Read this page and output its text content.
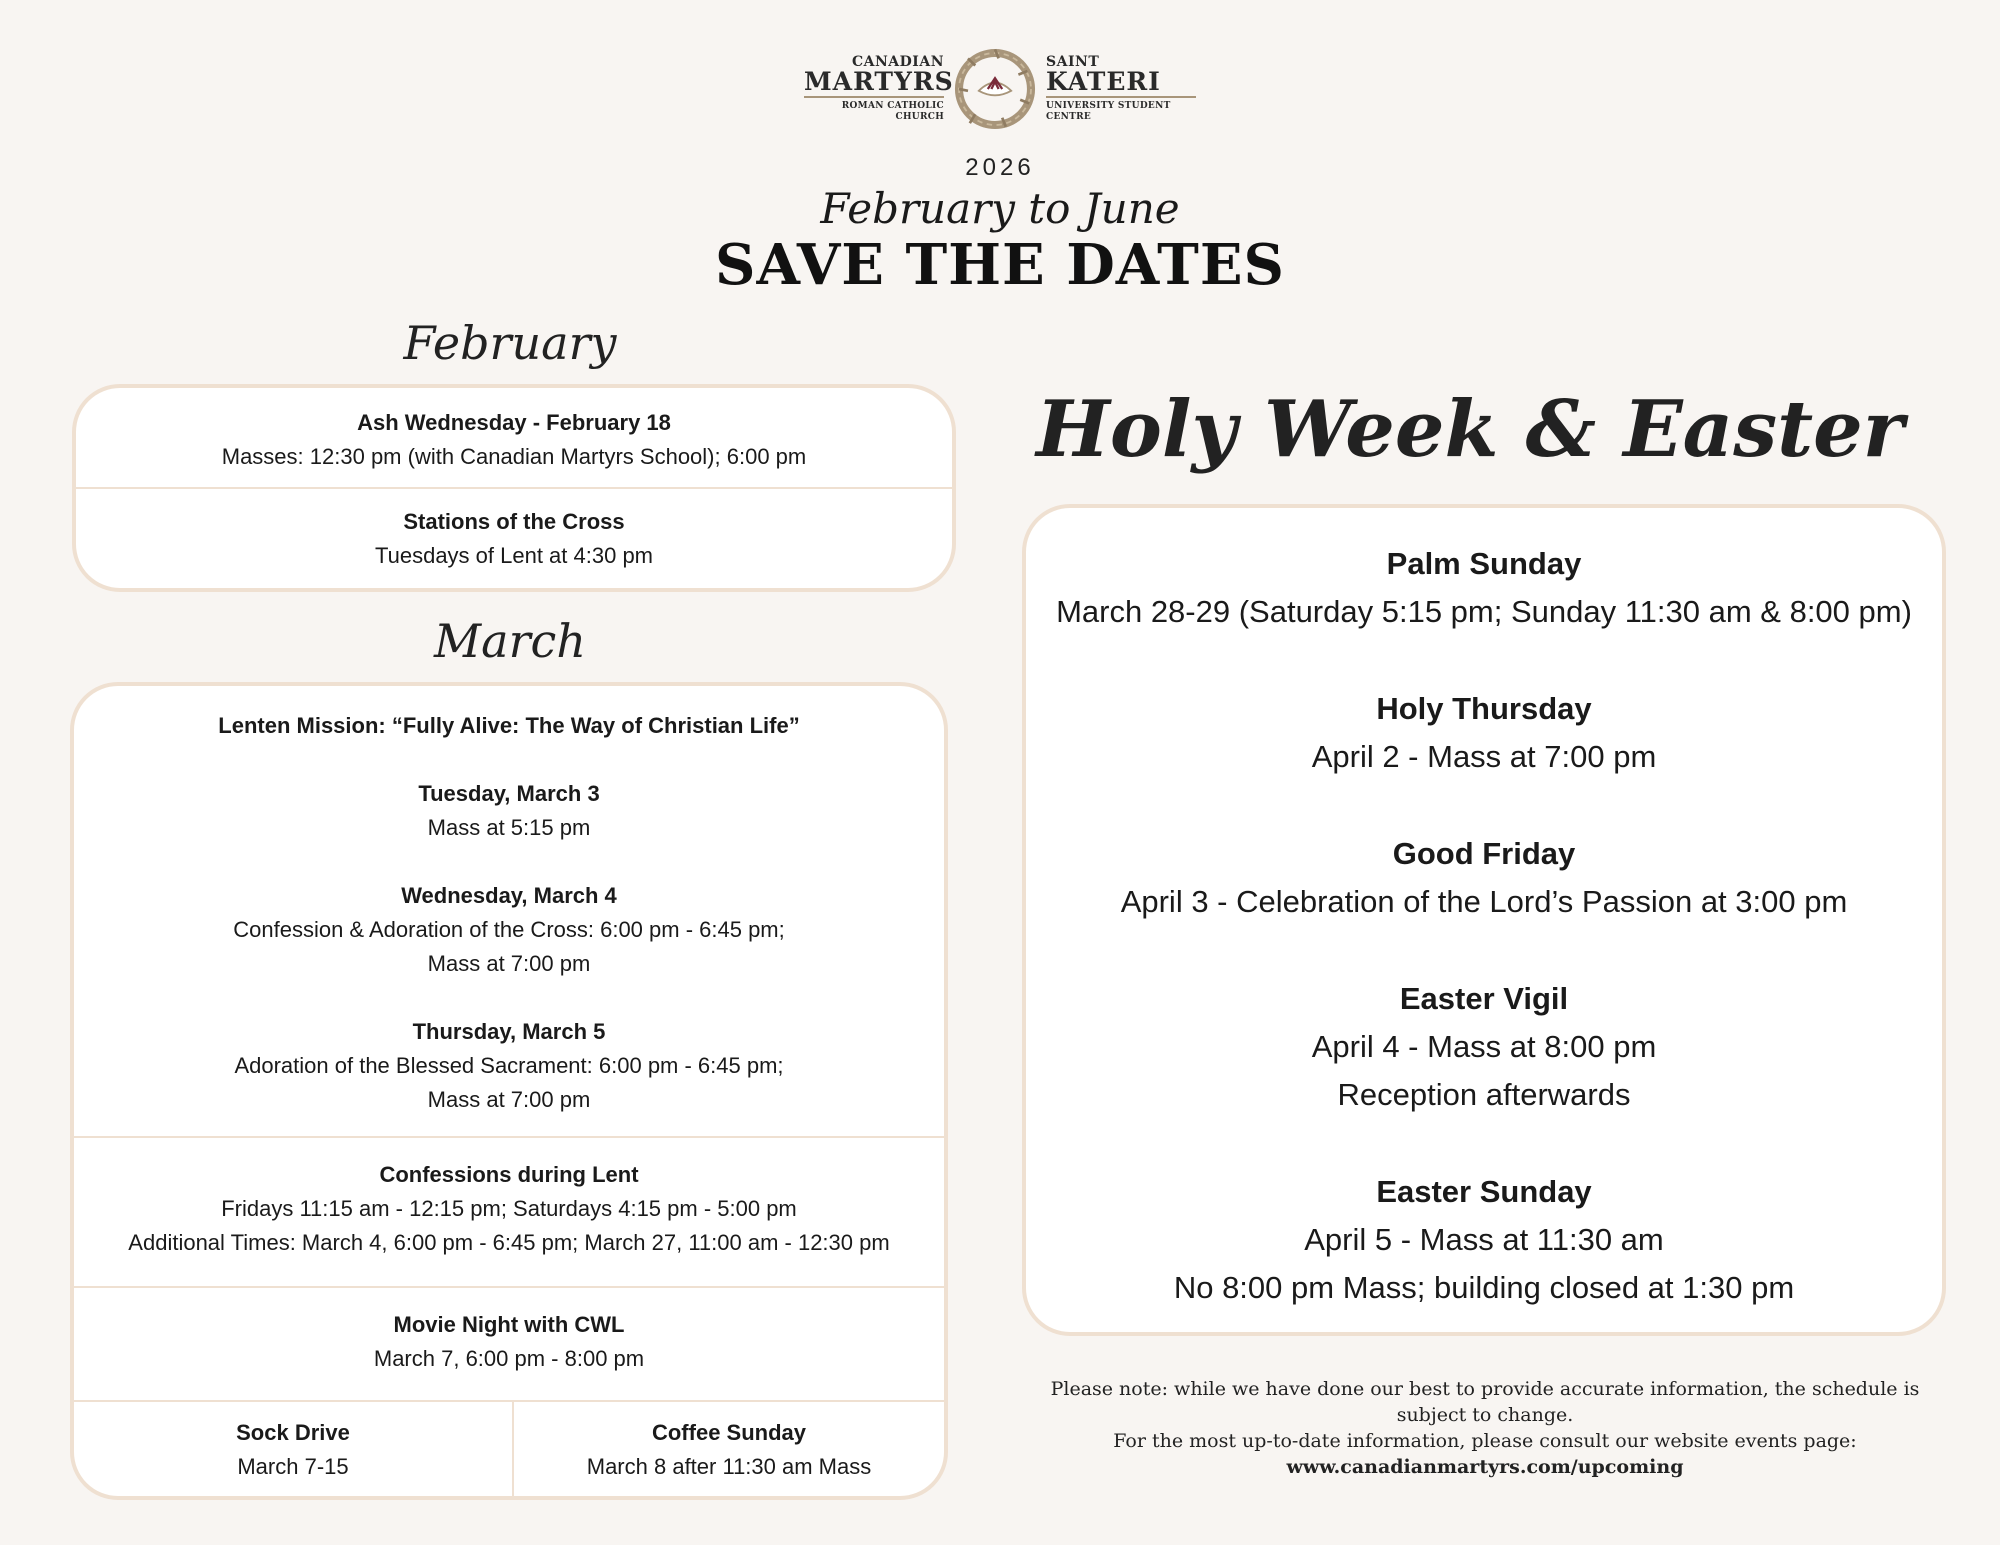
CANADIAN
MARTYRS
ROMAN CATHOLIC
CHURCH
SAINT
KATERI
UNIVERSITY STUDENT
CENTRE
2026
February to June
SAVE THE DATES
February
Ash Wednesday - February 18
Masses: 12:30 pm (with Canadian Martyrs School); 6:00 pm
Stations of the Cross
Tuesdays of Lent at 4:30 pm
March
Lenten Mission: “Fully Alive: The Way of Christian Life”
Tuesday, March 3
Mass at 5:15 pm
Wednesday, March 4
Confession & Adoration of the Cross: 6:00 pm - 6:45 pm;
Mass at 7:00 pm
Thursday, March 5
Adoration of the Blessed Sacrament: 6:00 pm - 6:45 pm;
Mass at 7:00 pm
Confessions during Lent
Fridays 11:15 am - 12:15 pm; Saturdays 4:15 pm - 5:00 pm
Additional Times: March 4, 6:00 pm - 6:45 pm; March 27, 11:00 am - 12:30 pm
Movie Night with CWL
March 7, 6:00 pm - 8:00 pm
Sock Drive
March 7-15
Coffee Sunday
March 8 after 11:30 am Mass
Holy Week & Easter
Palm Sunday
March 28-29 (Saturday 5:15 pm; Sunday 11:30 am & 8:00 pm)
Holy Thursday
April 2 - Mass at 7:00 pm
Good Friday
April 3 - Celebration of the Lord’s Passion at 3:00 pm
Easter Vigil
April 4 - Mass at 8:00 pm
Reception afterwards
Easter Sunday
April 5 - Mass at 11:30 am
No 8:00 pm Mass; building closed at 1:30 pm
Please note: while we have done our best to provide accurate information, the schedule is subject to change.
For the most up-to-date information, please consult our website events page:
www.canadianmartyrs.com/upcoming
